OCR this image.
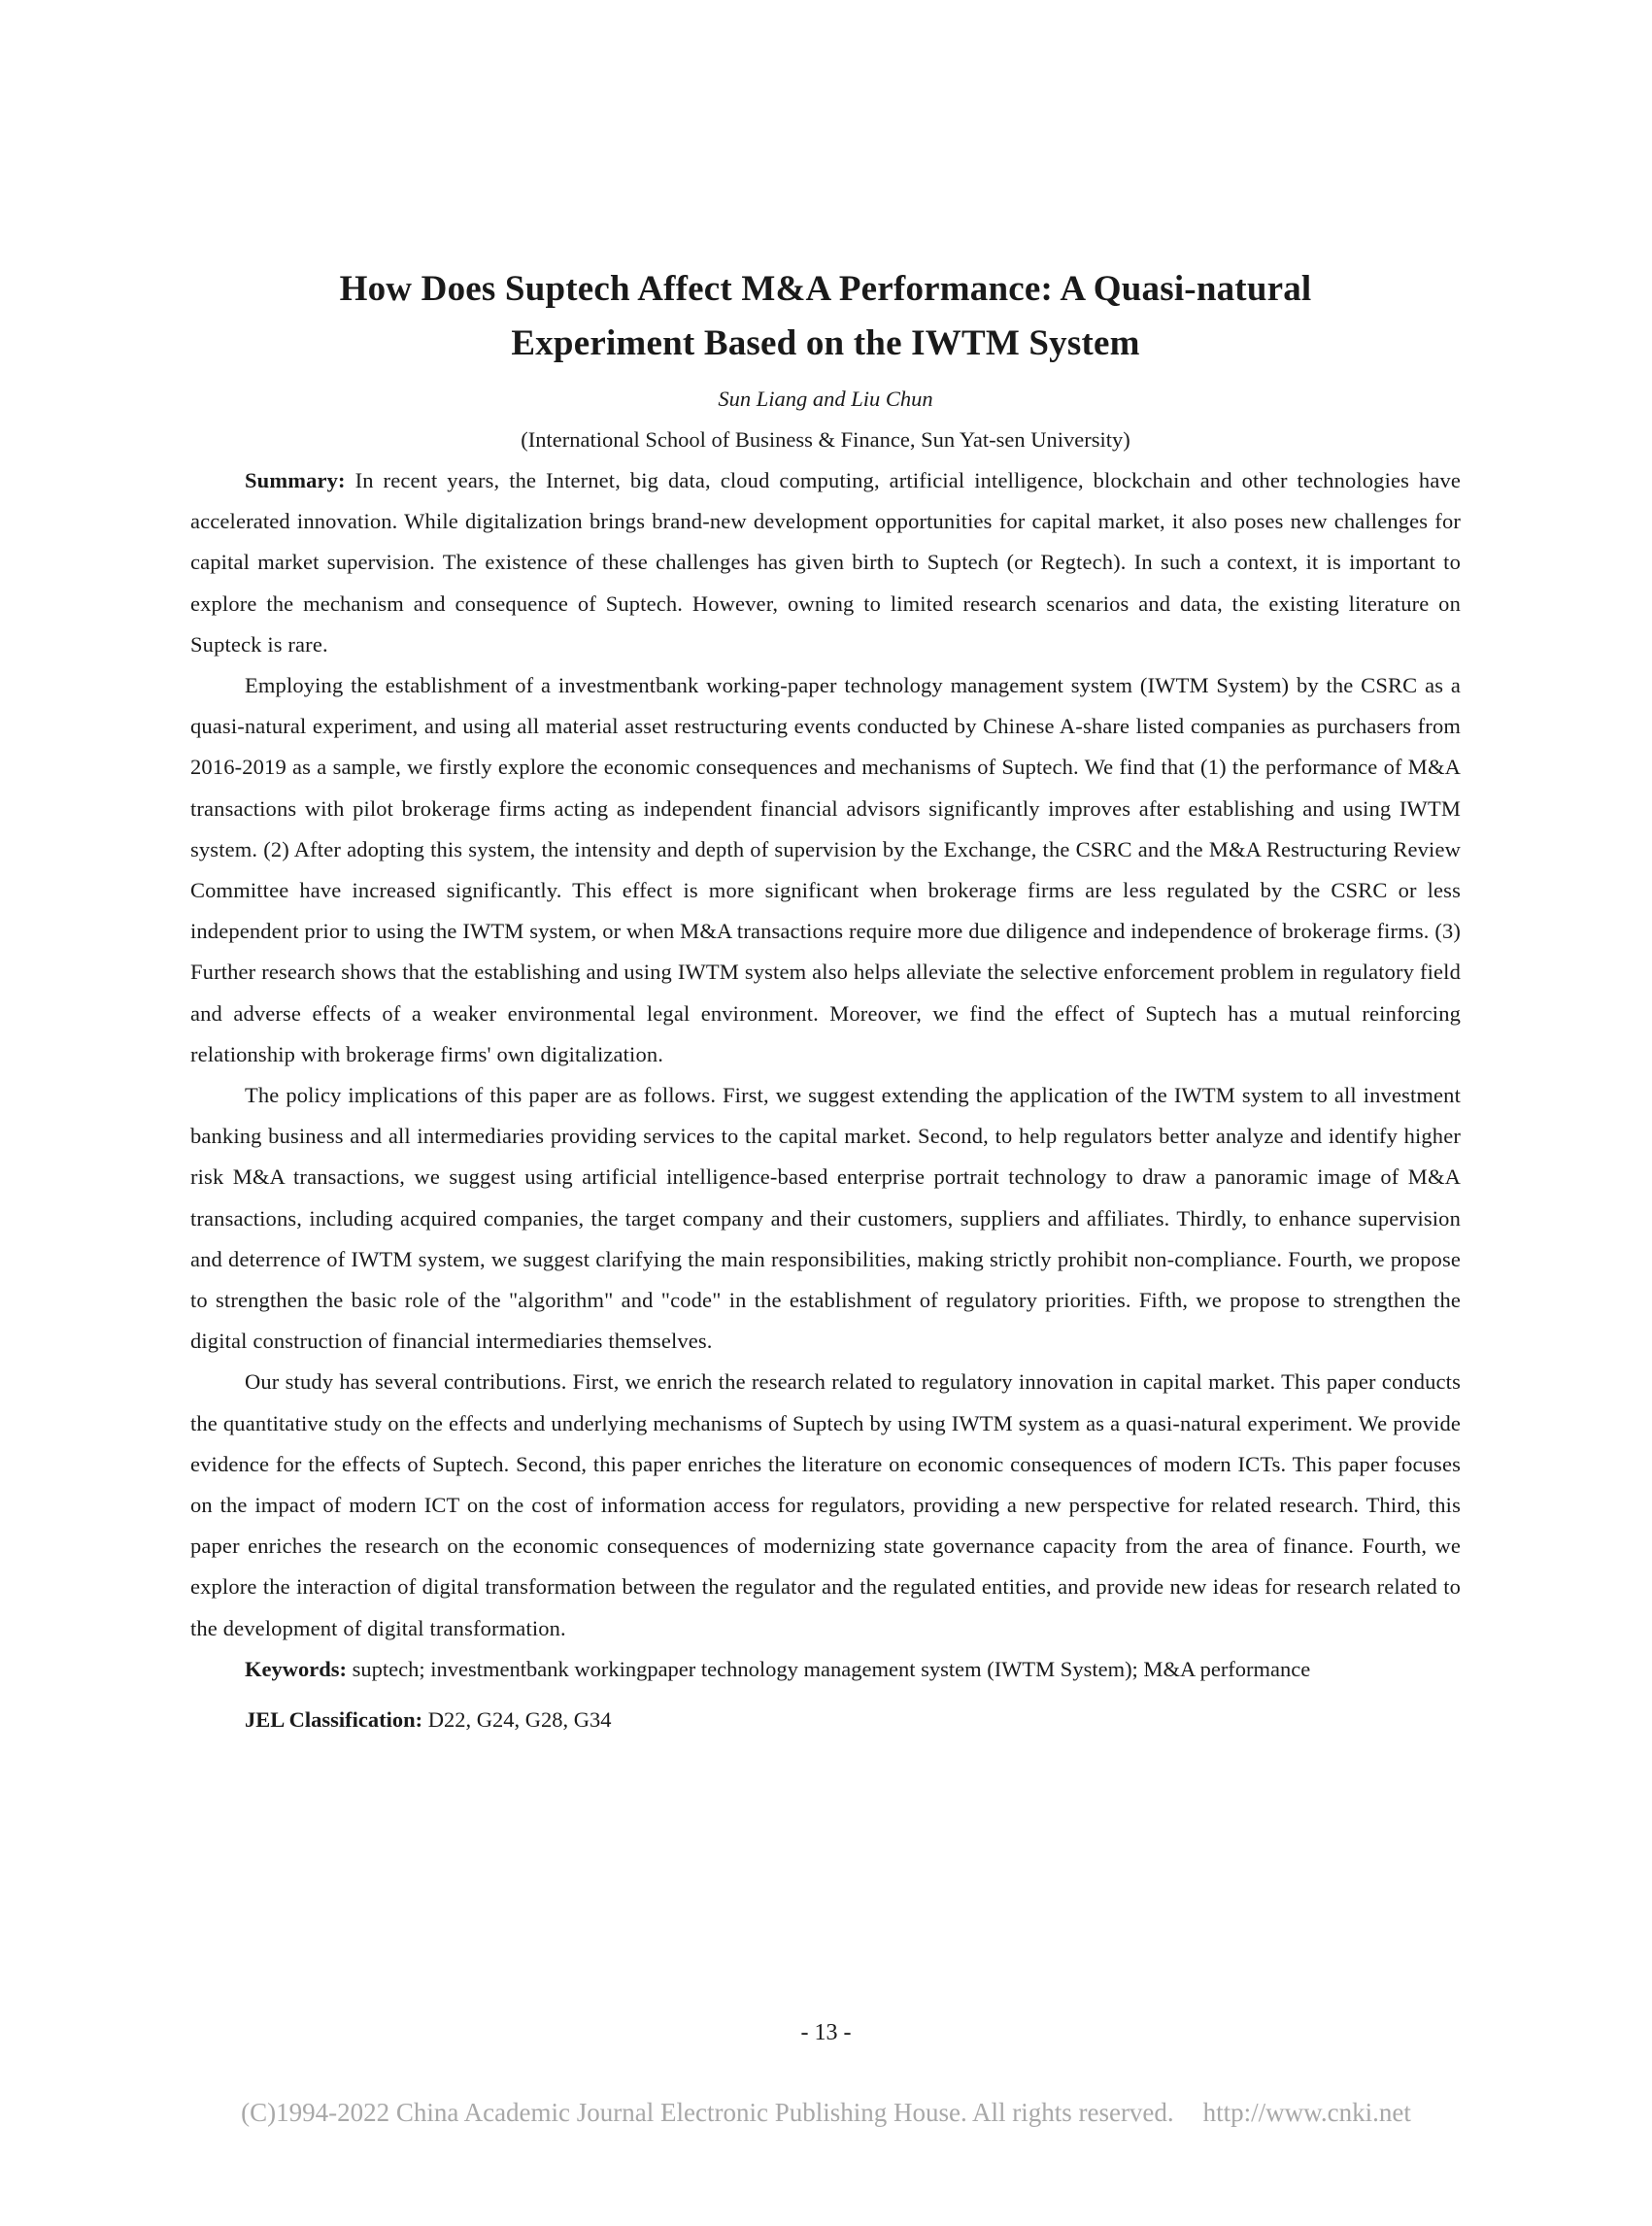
How Does Suptech Affect M&A Performance: A Quasi-natural
Experiment Based on the IWTM System
Sun Liang and Liu Chun
(International School of Business & Finance, Sun Yat-sen University)

Summary: In recent years, the Internet, big data, cloud computing, artificial intelligence, blockchain and other technologies have accelerated innovation. While digitalization brings brand-new development opportunities for capital market, it also poses new challenges for capital market supervision. The existence of these challenges has given birth to Suptech (or Regtech). In such a context, it is important to explore the mechanism and consequence of Suptech. However, owning to limited research scenarios and data, the existing literature on Supteck is rare.

Employing the establishment of a investmentbank working-paper technology management system (IWTM System) by the CSRC as a quasi-natural experiment, and using all material asset restructuring events conducted by Chinese A-share listed companies as purchasers from 2016-2019 as a sample, we firstly explore the economic consequences and mechanisms of Suptech. We find that (1) the performance of M&A transactions with pilot brokerage firms acting as independent financial advisors significantly improves after establishing and using IWTM system. (2) After adopting this system, the intensity and depth of supervision by the Exchange, the CSRC and the M&A Restructuring Review Committee have increased significantly. This effect is more significant when brokerage firms are less regulated by the CSRC or less independent prior to using the IWTM system, or when M&A transactions require more due diligence and independence of brokerage firms. (3) Further research shows that the establishing and using IWTM system also helps alleviate the selective enforcement problem in regulatory field and adverse effects of a weaker environmental legal environment. Moreover, we find the effect of Suptech has a mutual reinforcing relationship with brokerage firms' own digitalization.

The policy implications of this paper are as follows. First, we suggest extending the application of the IWTM system to all investment banking business and all intermediaries providing services to the capital market. Second, to help regulators better analyze and identify higher risk M&A transactions, we suggest using artificial intelligence-based enterprise portrait technology to draw a panoramic image of M&A transactions, including acquired companies, the target company and their customers, suppliers and affiliates. Thirdly, to enhance supervision and deterrence of IWTM system, we suggest clarifying the main responsibilities, making strictly prohibit non-compliance. Fourth, we propose to strengthen the basic role of the "algorithm" and "code" in the establishment of regulatory priorities. Fifth, we propose to strengthen the digital construction of financial intermediaries themselves.

Our study has several contributions. First, we enrich the research related to regulatory innovation in capital market. This paper conducts the quantitative study on the effects and underlying mechanisms of Suptech by using IWTM system as a quasi-natural experiment. We provide evidence for the effects of Suptech. Second, this paper enriches the literature on economic consequences of modern ICTs. This paper focuses on the impact of modern ICT on the cost of information access for regulators, providing a new perspective for related research. Third, this paper enriches the research on the economic consequences of modernizing state governance capacity from the area of finance. Fourth, we explore the interaction of digital transformation between the regulator and the regulated entities, and provide new ideas for research related to the development of digital transformation.

Keywords: suptech; investmentbank workingpaper technology management system (IWTM System); M&A performance

JEL Classification: D22, G24, G28, G34

- 13 -
(C)1994-2022 China Academic Journal Electronic Publishing House. All rights reserved. http://www.cnki.net
